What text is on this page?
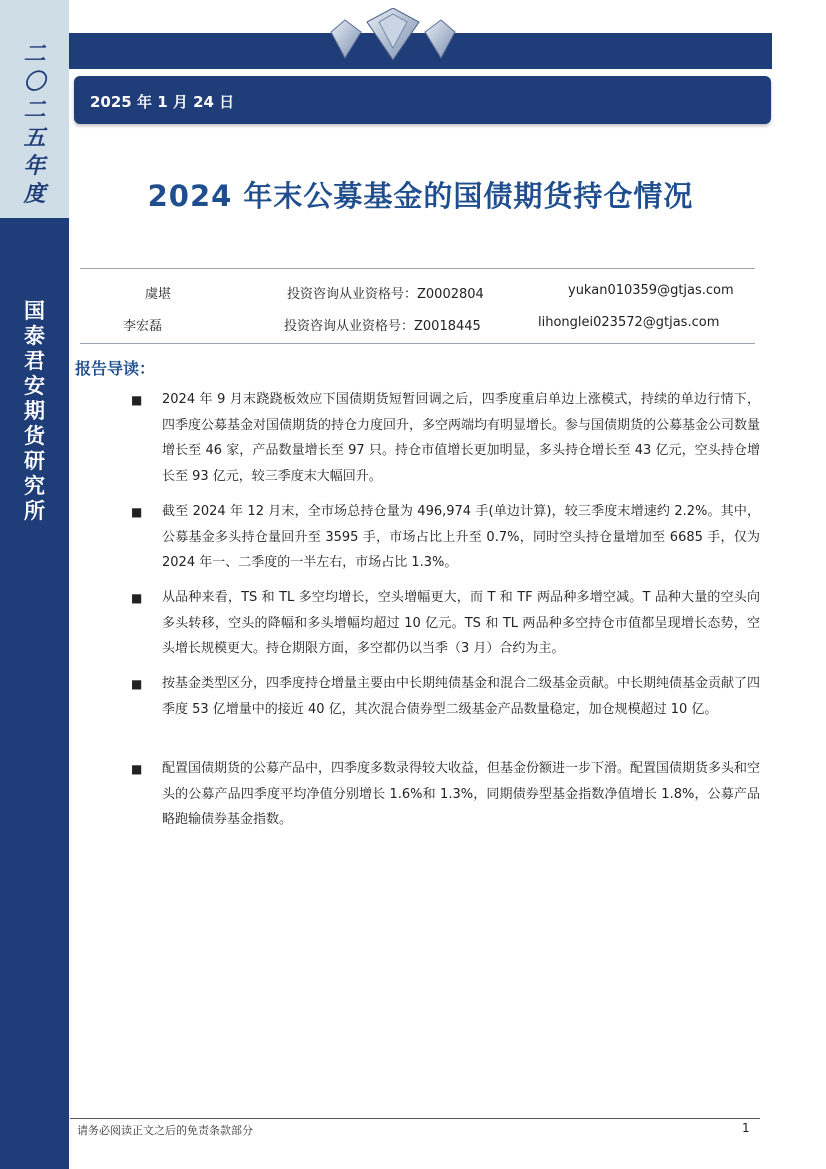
二
〇
二
五
年
度
国
泰
君
安
期
货
研
究
所
2025 年 1 月 24 日
2024 年末公募基金的国债期货持仓情况
虞堪	投资咨询从业资格号：Z0002804	yukan010359@gtjas.com
李宏磊	投资咨询从业资格号：Z0018445	lihonglei023572@gtjas.com
报告导读：
■ 2024 年 9 月末跷跷板效应下国债期货短暂回调之后，四季度重启单边上涨模式，持续的单边行情下，四季度公募基金对国债期货的持仓力度回升，多空两端均有明显增长。参与国债期货的公募基金公司数量增长至 46 家，产品数量增长至 97 只。持仓市值增长更加明显，多头持仓增长至 43 亿元，空头持仓增长至 93 亿元，较三季度末大幅回升。
■ 截至 2024 年 12 月末，全市场总持仓量为 496,974 手(单边计算)，较三季度末增速约 2.2%。其中，公募基金多头持仓量回升至 3595 手，市场占比上升至 0.7%，同时空头持仓量增加至 6685 手，仅为 2024 年一、二季度的一半左右，市场占比 1.3%。
■ 从品种来看，TS 和 TL 多空均增长，空头增幅更大，而 T 和 TF 两品种多增空减。T 品种大量的空头向多头转移，空头的降幅和多头增幅均超过 10 亿元。TS 和 TL 两品种多空持仓市值都呈现增长态势，空头增长规模更大。持仓期限方面，多空都仍以当季（3 月）合约为主。
■ 按基金类型区分，四季度持仓增量主要由中长期纯债基金和混合二级基金贡献。中长期纯债基金贡献了四季度 53 亿增量中的接近 40 亿，其次混合债券型二级基金产品数量稳定，加仓规模超过 10 亿。
■ 配置国债期货的公募产品中，四季度多数录得较大收益，但基金份额进一步下滑。配置国债期货多头和空头的公募产品四季度平均净值分别增长 1.6%和 1.3%，同期债券型基金指数净值增长 1.8%，公募产品略跑输债券基金指数。
请务必阅读正文之后的免责条款部分	1
